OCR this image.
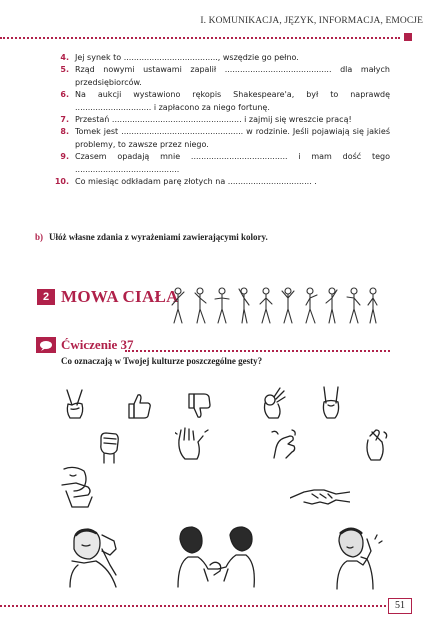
I. KOMUNIKACJA, JĘZYK, INFORMACJA, EMOCJE
4. Jej synek to ....................................., wszędzie go pełno.
5. Rząd nowymi ustawami zapalił .......................................... dla małych przedsiębiorców.
6. Na aukcji wystawiono rękopis Shakespeare'a, był to naprawdę .............................. i zapłacono za niego fortunę.
7. Przestań ................................................... i zajmij się wreszcie pracą!
8. Tomek jest ................................................ w rodzinie. Jeśli pojawiają się jakieś problemy, to zawsze przez niego.
9. Czasem opadają mnie ...................................... i mam dość tego .........................................
10. Co miesiąc odkładam parę złotych na ................................. .
b) Ułóż własne zdania z wyrażeniami zawierającymi kolory.
2 MOWA CIAŁA
Ćwiczenie 37
Co oznaczają w Twojej kulturze poszczególne gesty?
51
